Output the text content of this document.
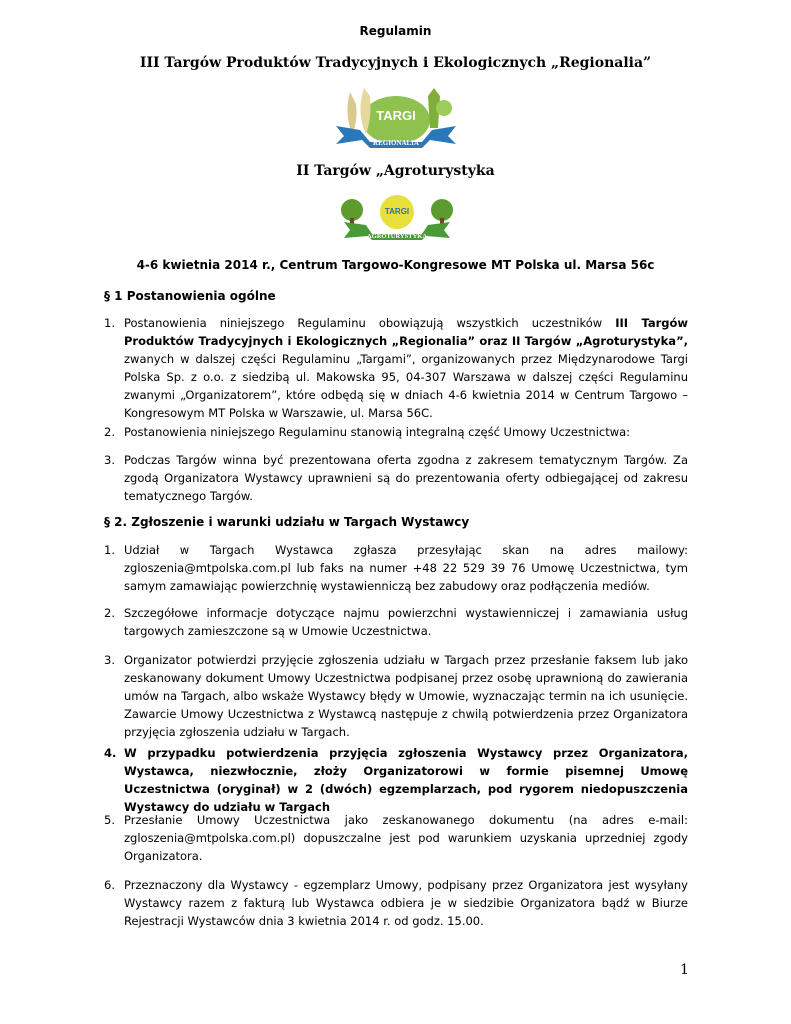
Regulamin
III Targów Produktów Tradycyjnych i Ekologicznych „Regionalia”
TARGI
REGIONALIA
II Targów „Agroturystyka
TARGI
AGROTURYSTYKA
4-6 kwietnia 2014 r., Centrum Targowo-Kongresowe MT Polska ul. Marsa 56c
§ 1 Postanowienia ogólne
1. Postanowienia niniejszego Regulaminu obowiązują wszystkich uczestników III Targów Produktów Tradycyjnych i Ekologicznych „Regionalia” oraz II Targów „Agroturystyka”, zwanych w dalszej części Regulaminu „Targami”, organizowanych przez Międzynarodowe Targi Polska Sp. z o.o. z siedzibą ul. Makowska 95, 04-307 Warszawa w dalszej części Regulaminu zwanymi „Organizatorem”, które odbędą się w dniach 4-6 kwietnia 2014 w Centrum Targowo – Kongresowym MT Polska w Warszawie, ul. Marsa 56C.
2. Postanowienia niniejszego Regulaminu stanowią integralną część Umowy Uczestnictwa:
3. Podczas Targów winna być prezentowana oferta zgodna z zakresem tematycznym Targów. Za zgodą Organizatora Wystawcy uprawnieni są do prezentowania oferty odbiegającej od zakresu tematycznego Targów.
§ 2. Zgłoszenie i warunki udziału w Targach Wystawcy
1. Udział w Targach Wystawca zgłasza przesyłając skan na adres mailowy: zgloszenia@mtpolska.com.pl lub faks na numer +48 22 529 39 76 Umowę Uczestnictwa, tym samym zamawiając powierzchnię wystawienniczą bez zabudowy oraz podłączenia mediów.
2. Szczegółowe informacje dotyczące najmu powierzchni wystawienniczej i zamawiania usług targowych zamieszczone są w Umowie Uczestnictwa.
3. Organizator potwierdzi przyjęcie zgłoszenia udziału w Targach przez przesłanie faksem lub jako zeskanowany dokument Umowy Uczestnictwa podpisanej przez osobę uprawnioną do zawierania umów na Targach, albo wskaże Wystawcy błędy w Umowie, wyznaczając termin na ich usunięcie. Zawarcie Umowy Uczestnictwa z Wystawcą następuje z chwilą potwierdzenia przez Organizatora przyjęcia zgłoszenia udziału w Targach.
4. W przypadku potwierdzenia przyjęcia zgłoszenia Wystawcy przez Organizatora, Wystawca, niezwłocznie, złoży Organizatorowi w formie pisemnej Umowę Uczestnictwa (oryginał) w 2 (dwóch) egzemplarzach, pod rygorem niedopuszczenia Wystawcy do udziału w Targach
5. Przesłanie Umowy Uczestnictwa jako zeskanowanego dokumentu (na adres e-mail: zgloszenia@mtpolska.com.pl) dopuszczalne jest pod warunkiem uzyskania uprzedniej zgody Organizatora.
6. Przeznaczony dla Wystawcy - egzemplarz Umowy, podpisany przez Organizatora jest wysyłany Wystawcy razem z fakturą lub Wystawca odbiera je w siedzibie Organizatora bądź w Biurze Rejestracji Wystawców dnia 3 kwietnia 2014 r. od godz. 15.00.
1
